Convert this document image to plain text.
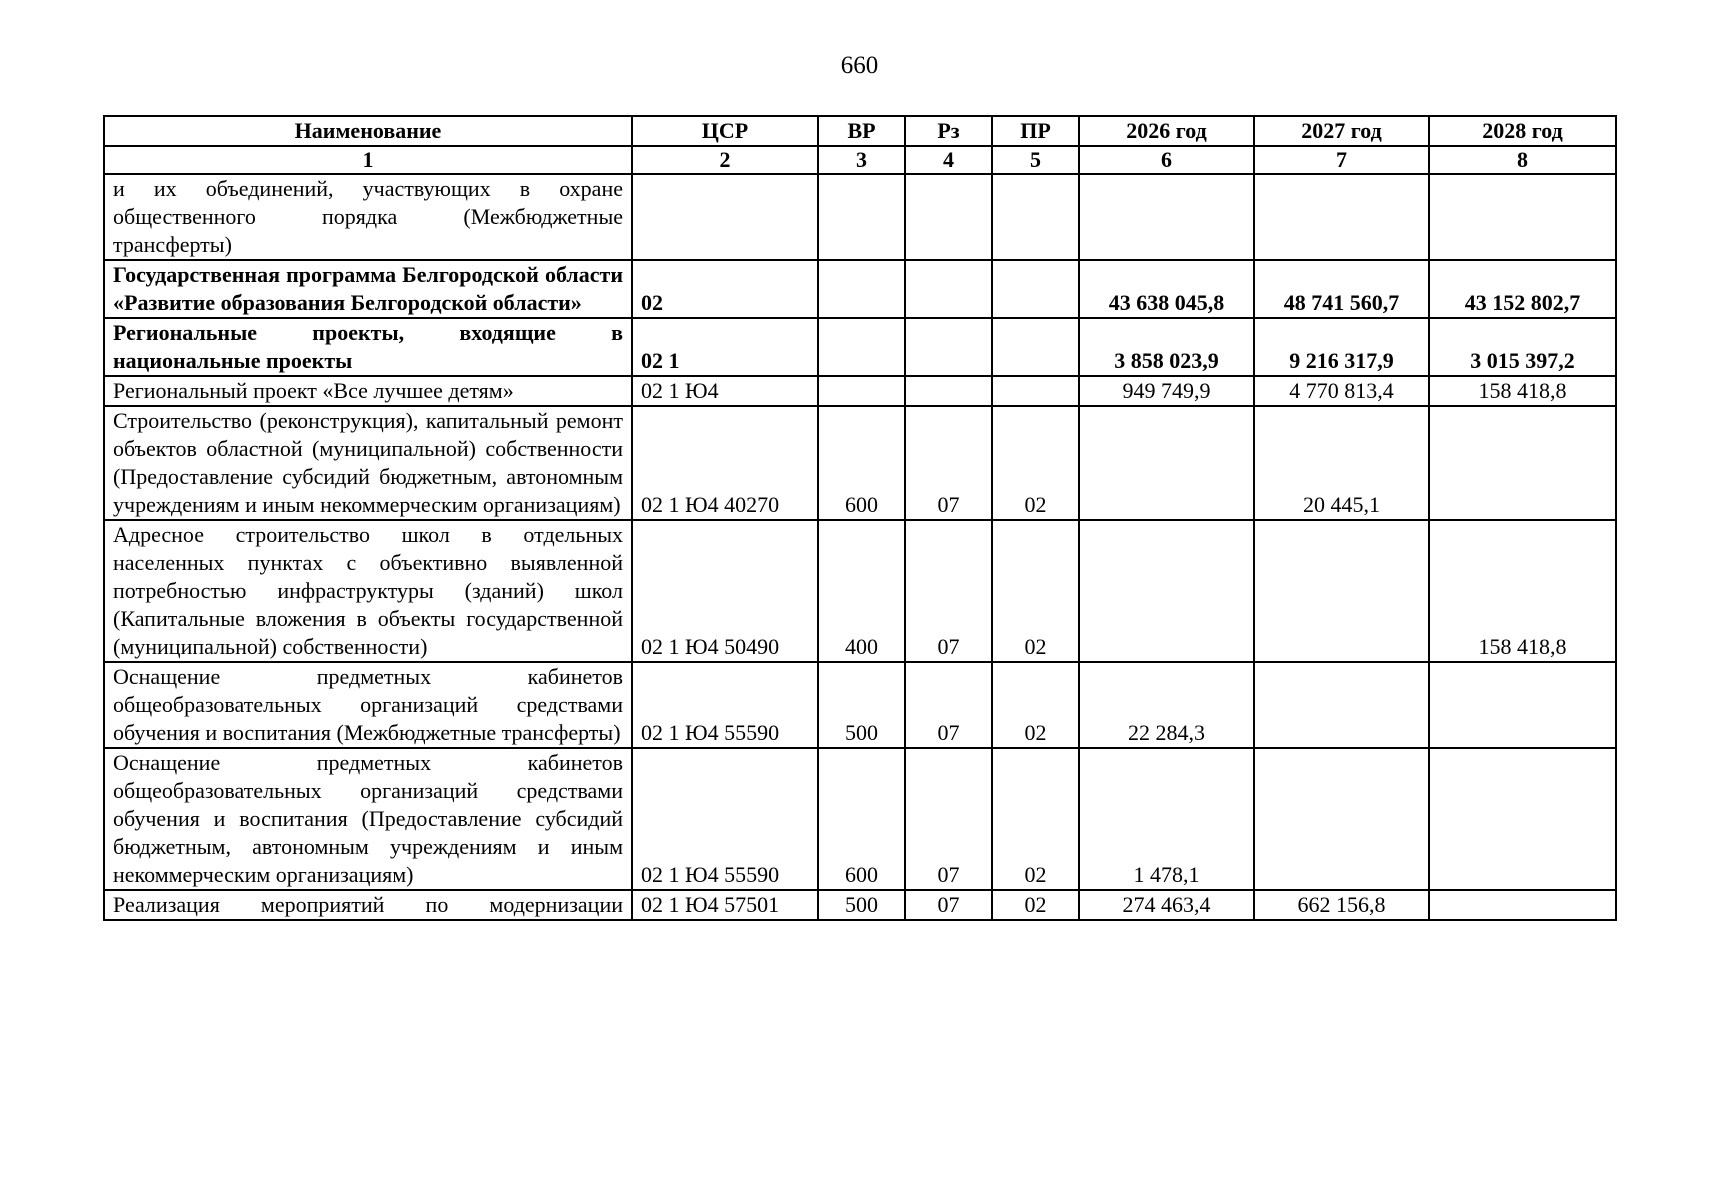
660
Наименование	ЦСР	ВР	Рз	ПР	2026 год	2027 год	2028 год
1	2	3	4	5	6	7	8
и их объединений, участвующих в охране общественного порядка (Межбюджетные трансферты)							
Государственная программа Белгородской области «Развитие образования Белгородской области»	02				43 638 045,8	48 741 560,7	43 152 802,7
Региональные проекты, входящие в национальные проекты	02 1				3 858 023,9	9 216 317,9	3 015 397,2
Региональный проект «Все лучшее детям»	02 1 Ю4				949 749,9	4 770 813,4	158 418,8
Строительство (реконструкция), капитальный ремонт объектов областной (муниципальной) собственности (Предоставление субсидий бюджетным, автономным учреждениям и иным некоммерческим организациям)	02 1 Ю4 40270	600	07	02		20 445,1	
Адресное строительство школ в отдельных населенных пунктах с объективно выявленной потребностью инфраструктуры (зданий) школ (Капитальные вложения в объекты государственной (муниципальной) собственности)	02 1 Ю4 50490	400	07	02			158 418,8
Оснащение предметных кабинетов общеобразовательных организаций средствами обучения и воспитания (Межбюджетные трансферты)	02 1 Ю4 55590	500	07	02	22 284,3		
Оснащение предметных кабинетов общеобразовательных организаций средствами обучения и воспитания (Предоставление субсидий бюджетным, автономным учреждениям и иным некоммерческим организациям)	02 1 Ю4 55590	600	07	02	1 478,1		
Реализация мероприятий по модернизации	02 1 Ю4 57501	500	07	02	274 463,4	662 156,8	
